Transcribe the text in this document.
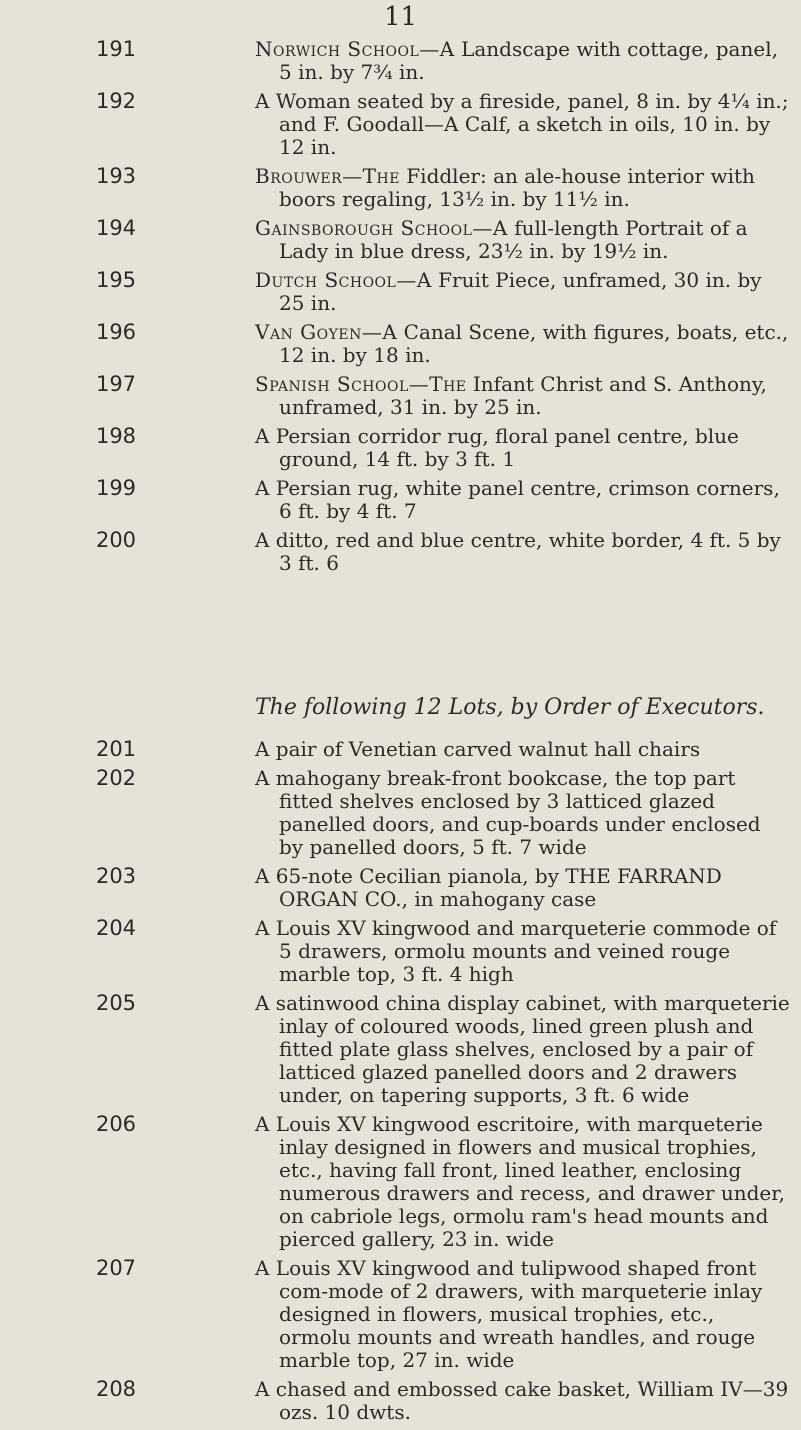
11
191	Norwich School—A Landscape with cottage, panel, 5 in. by 7¾ in.
192	A Woman seated by a fireside, panel, 8 in. by 4¼ in.; and F. Goodall—A Calf, a sketch in oils, 10 in. by 12 in.
193	Brouwer—The Fiddler: an ale-house interior with boors regaling, 13½ in. by 11½ in.
194	Gainsborough School—A full-length Portrait of a Lady in blue dress, 23½ in. by 19½ in.
195	Dutch School—A Fruit Piece, unframed, 30 in. by 25 in.
196	Van Goyen—A Canal Scene, with figures, boats, etc., 12 in. by 18 in.
197	Spanish School—The Infant Christ and S. Anthony, unframed, 31 in. by 25 in.
198	A Persian corridor rug, floral panel centre, blue ground, 14 ft. by 3 ft. 1
199	A Persian rug, white panel centre, crimson corners, 6 ft. by 4 ft. 7
200	A ditto, red and blue centre, white border, 4 ft. 5 by 3 ft. 6
The following 12 Lots, by Order of Executors.
201	A pair of Venetian carved walnut hall chairs
202	A mahogany break-front bookcase, the top part fitted shelves enclosed by 3 latticed glazed panelled doors, and cup-boards under enclosed by panelled doors, 5 ft. 7 wide
203	A 65-note Cecilian pianola, by THE FARRAND ORGAN CO., in mahogany case
204	A Louis XV kingwood and marqueterie commode of 5 drawers, ormolu mounts and veined rouge marble top, 3 ft. 4 high
205	A satinwood china display cabinet, with marqueterie inlay of coloured woods, lined green plush and fitted plate glass shelves, enclosed by a pair of latticed glazed panelled doors and 2 drawers under, on tapering supports, 3 ft. 6 wide
206	A Louis XV kingwood escritoire, with marqueterie inlay designed in flowers and musical trophies, etc., having fall front, lined leather, enclosing numerous drawers and recess, and drawer under, on cabriole legs, ormolu ram's head mounts and pierced gallery, 23 in. wide
207	A Louis XV kingwood and tulipwood shaped front com-mode of 2 drawers, with marqueterie inlay designed in flowers, musical trophies, etc., ormolu mounts and wreath handles, and rouge marble top, 27 in. wide
208	A chased and embossed cake basket, William IV—39 ozs. 10 dwts.
